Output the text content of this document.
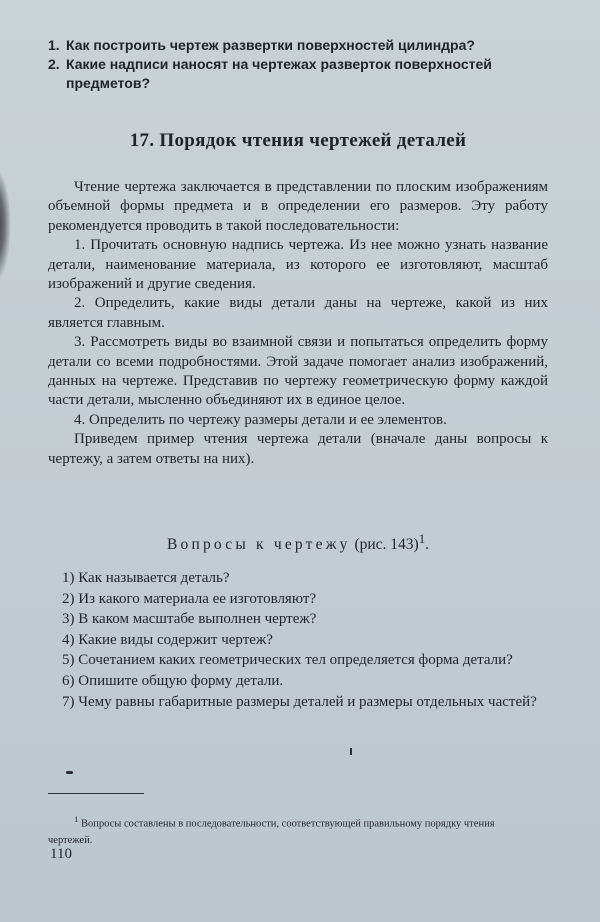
1. Как построить чертеж развертки поверхностей цилиндра?
2. Какие надписи наносят на чертежах разверток поверхностей предметов?
17. Порядок чтения чертежей деталей

Чтение чертежа заключается в представлении по плоским изображениям объемной формы предмета и в определении его размеров. Эту работу рекомендуется проводить в такой последовательности:

1. Прочитать основную надпись чертежа. Из нее можно узнать название детали, наименование материала, из которого ее изготовляют, масштаб изображений и другие сведения.

2. Определить, какие виды детали даны на чертеже, какой из них является главным.

3. Рассмотреть виды во взаимной связи и попытаться определить форму детали со всеми подробностями. Этой задаче помогает анализ изображений, данных на чертеже. Представив по чертежу геометрическую форму каждой части детали, мысленно объединяют их в единое целое.

4. Определить по чертежу размеры детали и ее элементов.

Приведем пример чтения чертежа детали (вначале даны вопросы к чертежу, а затем ответы на них).

Вопросы к чертежу (рис. 143)$^1$.

1) Как называется деталь?

2) Из какого материала ее изготовляют?

3) В каком масштабе выполнен чертеж?

4) Какие виды содержит чертеж?

5) Сочетанием каких геометрических тел определяется форма детали?

6) Опишите общую форму детали.

7) Чему равны габаритные размеры деталей и размеры отдельных частей?

$^1$ Вопросы составлены в последовательности, соответствующей правильному порядку чтения чертежей.
110
